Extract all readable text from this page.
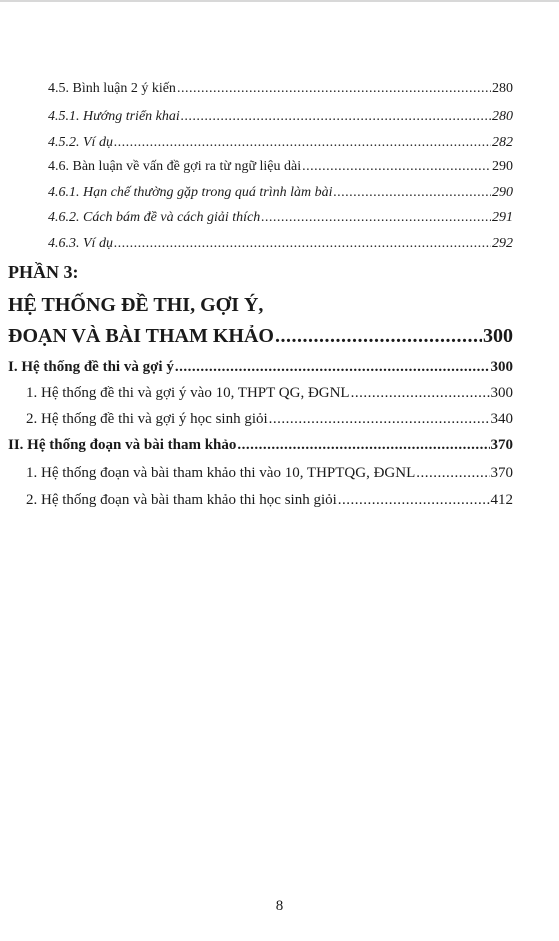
4.5. Bình luận 2 ý kiến .....	280
4.5.1. Hướng triển khai .....	280
4.5.2. Ví dụ .....	282
4.6. Bàn luận về vấn đề gợi ra từ ngữ liệu dài .....	290
4.6.1. Hạn chế thường gặp trong quá trình làm bài .....	290
4.6.2. Cách bám đề và cách giải thích .....	291
4.6.3. Ví dụ .....	292
PHẦN 3:
HỆ THỐNG ĐỀ THI, GỢI Ý,
ĐOẠN VÀ BÀI THAM KHẢO .....	300
I. Hệ thống đề thi và gợi ý .....	300
1. Hệ thống đề thi và gợi ý vào 10, THPT QG, ĐGNL .....	300
2. Hệ thống đề thi và gợi ý học sinh giỏi .....	340
II. Hệ thống đoạn và bài tham khảo .....	370
1. Hệ thống đoạn và bài tham khảo thi vào 10, THPTQG, ĐGNL .....	370
2. Hệ thống đoạn và bài tham khảo thi học sinh giỏi .....	412
8
